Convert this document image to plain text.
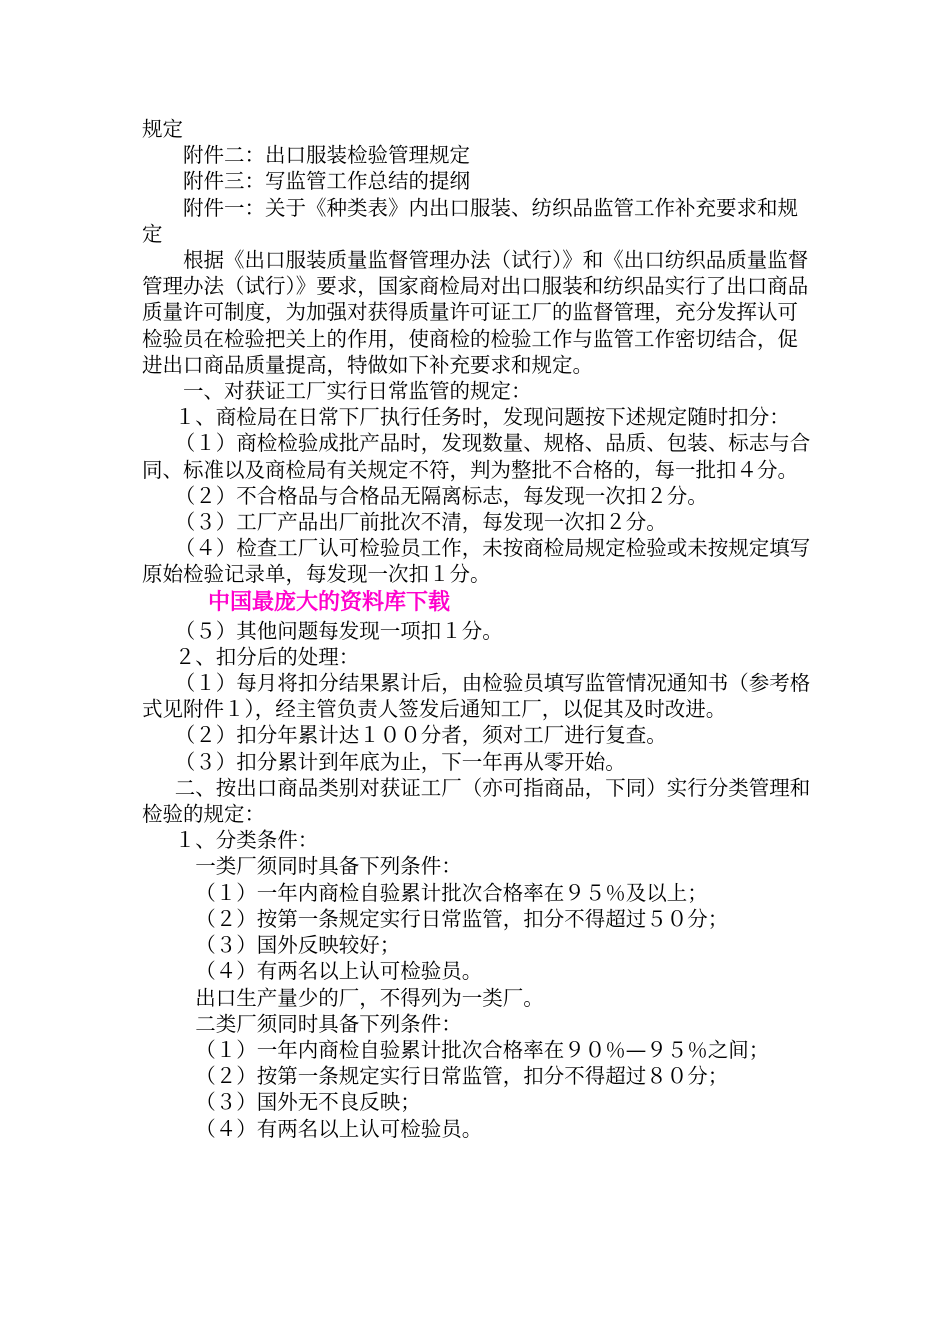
规定

附件二：出口服装检验管理规定

附件三：写监管工作总结的提纲

附件一：关于《种类表》内出口服装、纺织品监管工作补充要求和规定

根据《出口服装质量监督管理办法（试行）》和《出口纺织品质量监督管理办法（试行）》要求，国家商检局对出口服装和纺织品实行了出口商品质量许可制度，为加强对获得质量许可证工厂的监督管理，充分发挥认可检验员在检验把关上的作用，使商检的检验工作与监管工作密切结合，促进出口商品质量提高，特做如下补充要求和规定。

一、对获证工厂实行日常监管的规定：

１、商检局在日常下厂执行任务时，发现问题按下述规定随时扣分：

（１）商检检验成批产品时，发现数量、规格、品质、包装、标志与合同、标准以及商检局有关规定不符，判为整批不合格的，每一批扣４分。

（２）不合格品与合格品无隔离标志，每发现一次扣２分。

（３）工厂产品出厂前批次不清，每发现一次扣２分。

（４）检查工厂认可检验员工作，未按商检局规定检验或未按规定填写原始检验记录单，每发现一次扣１分。

中国最庞大的资料库下载

（５）其他问题每发现一项扣１分。

２、扣分后的处理：

（１）每月将扣分结果累计后，由检验员填写监管情况通知书（参考格式见附件１），经主管负责人签发后通知工厂，以促其及时改进。

（２）扣分年累计达１００分者，须对工厂进行复查。

（３）扣分累计到年底为止，下一年再从零开始。

二、按出口商品类别对获证工厂（亦可指商品，下同）实行分类管理和检验的规定：

１、分类条件：

一类厂须同时具备下列条件：

（１）一年内商检自验累计批次合格率在９５％及以上；

（２）按第一条规定实行日常监管，扣分不得超过５０分；

（３）国外反映较好；

（４）有两名以上认可检验员。

出口生产量少的厂，不得列为一类厂。

二类厂须同时具备下列条件：

（１）一年内商检自验累计批次合格率在９０％—９５％之间；

（２）按第一条规定实行日常监管，扣分不得超过８０分；

（３）国外无不良反映；

（４）有两名以上认可检验员。
